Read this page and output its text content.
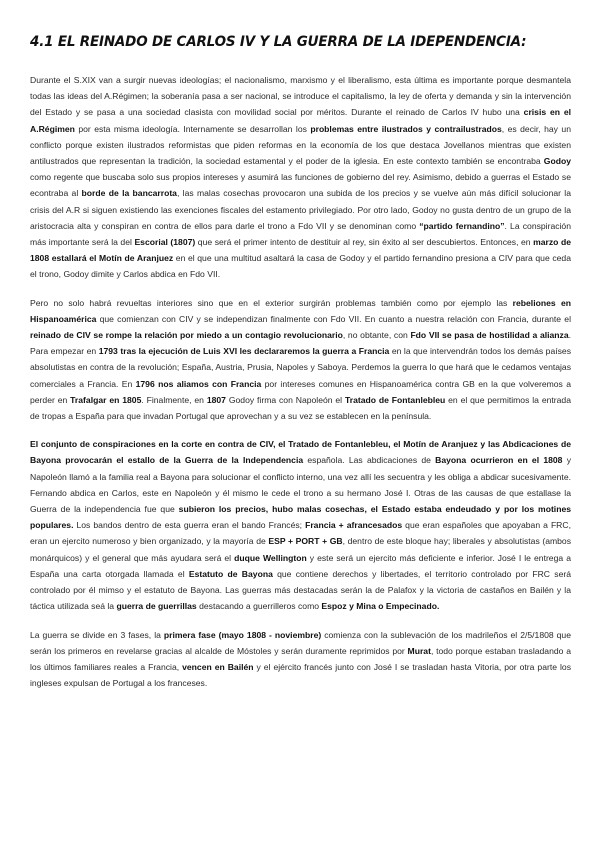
4.1 EL REINADO DE CARLOS IV Y LA GUERRA DE LA IDEPENDENCIA:

Durante el S.XIX van a surgir nuevas ideologías; el nacionalismo, marxismo y el liberalismo, esta última es importante porque desmantela todas las ideas del A.Régimen; la soberanía pasa a ser nacional, se introduce el capitalismo, la ley de oferta y demanda y sin la intervención del Estado y se pasa a una sociedad clasista con movilidad social por méritos. Durante el reinado de Carlos IV hubo una crisis en el A.Régimen por esta misma ideología. Internamente se desarrollan los problemas entre ilustrados y contrailustrados, es decir, hay un conflicto porque existen ilustrados reformistas que piden reformas en la economía de los que destaca Jovellanos mientras que existen antilustrados que representan la tradición, la sociedad estamental y el poder de la iglesia. En este contexto también se encontraba Godoy como regente que buscaba solo sus propios intereses y asumirá las funciones de gobierno del rey. Asimismo, debido a guerras el Estado se econtraba al borde de la bancarrota, las malas cosechas provocaron una subida de los precios y se vuelve aún más difícil solucionar la crisis del A.R si siguen existiendo las exenciones fiscales del estamento privilegiado. Por otro lado, Godoy no gusta dentro de un grupo de la aristocracia alta y conspiran en contra de ellos para darle el trono a Fdo VII y se denominan como “partido fernandino”. La conspiración más importante será la del Escorial (1807) que será el primer intento de destituir al rey, sin éxito al ser descubiertos. Entonces, en marzo de 1808 estallará el Motín de Aranjuez en el que una multitud asaltará la casa de Godoy y el partido fernandino presiona a CIV para que ceda el trono, Godoy dimite y Carlos abdica en Fdo VII.

Pero no solo habrá revueltas interiores sino que en el exterior surgirán problemas también como por ejemplo las rebeliones en Hispanoamérica que comienzan con CIV y se independizan finalmente con Fdo VII. En cuanto a nuestra relación con Francia, durante el reinado de CIV se rompe la relación por miedo a un contagio revolucionario, no obtante, con Fdo VII se pasa de hostilidad a alianza. Para empezar en 1793 tras la ejecución de Luis XVI les declararemos la guerra a Francia en la que intervendrán todos los demás países absolutistas en contra de la revolución; España, Austria, Prusia, Napoles y Saboya. Perdemos la guerra lo que hará que le cedamos ventajas comerciales a Francia. En 1796 nos aliamos con Francia por intereses comunes en Hispanoamérica contra GB en la que volveremos a perder en Trafalgar en 1805. Finalmente, en 1807 Godoy firma con Napoleón el Tratado de Fontanlebleu en el que permitimos la entrada de tropas a España para que invadan Portugal que aprovechan y a su vez se establecen en la península.

El conjunto de conspiraciones en la corte en contra de CIV, el Tratado de Fontanlebleu, el Motín de Aranjuez y las Abdicaciones de Bayona provocarán el estallo de la Guerra de la Independencia española. Las abdicaciones de Bayona ocurrieron en el 1808 y Napoleón llamó a la familia real a Bayona para solucionar el conflicto interno, una vez allí les secuentra y les obliga a abdicar sucesivamente. Fernando abdica en Carlos, este en Napoleón y él mismo le cede el trono a su hermano José I. Otras de las causas de que estallase la Guerra de la independencia fue que subieron los precios, hubo malas cosechas, el Estado estaba endeudado y por los motines populares. Los bandos dentro de esta guerra eran el bando Francés; Francia + afrancesados que eran españoles que apoyaban a FRC, eran un ejercito numeroso y bien organizado, y la mayoría de ESP + PORT + GB, dentro de este bloque hay; liberales y absolutistas (ambos monárquicos) y el general que más ayudara será el duque Wellington y este será un ejercito más deficiente e inferior. José I le entrega a España una carta otorgada llamada el Estatuto de Bayona que contiene derechos y libertades, el territorio controlado por FRC será controlado por él mimso y el estatuto de Bayona. Las guerras más destacadas serán la de Palafox y la victoria de castaños en Bailén y la táctica utilizada seá la guerra de guerrillas destacando a guerrilleros como Espoz y Mina o Empecinado.

La guerra se divide en 3 fases, la primera fase (mayo 1808 - noviembre) comienza con la sublevación de los madrileños el 2/5/1808 que serán los primeros en revelarse gracias al alcalde de Móstoles y serán duramente reprimidos por Murat, todo porque estaban trasladando a los últimos familiares reales a Francia, vencen en Bailén y el ejército francés junto con José I se trasladan hasta Vitoria, por otra parte los ingleses expulsan de Portugal a los franceses.
